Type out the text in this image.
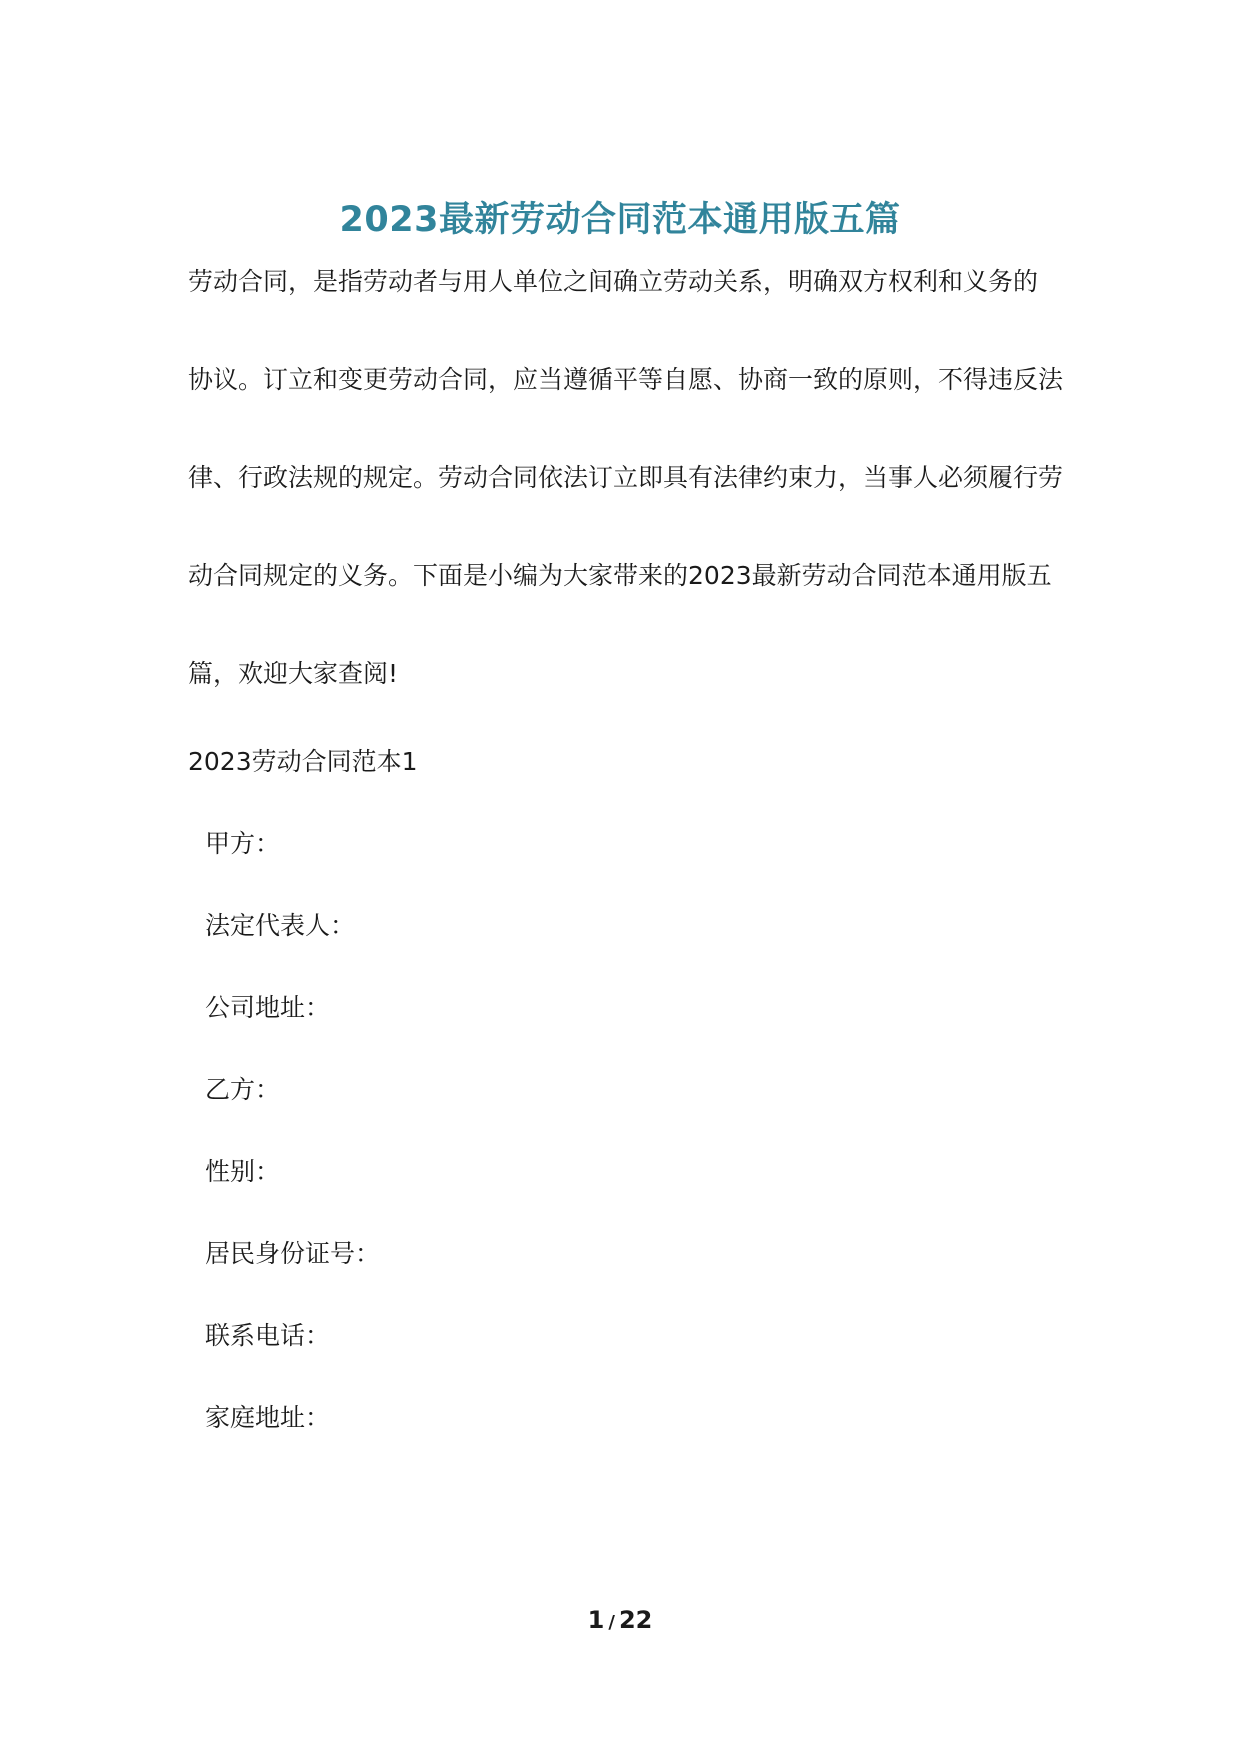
2023最新劳动合同范本通用版五篇
劳动合同，是指劳动者与用人单位之间确立劳动关系，明确双方权利和义务的
协议。订立和变更劳动合同，应当遵循平等自愿、协商一致的原则，不得违反法
律、行政法规的规定。劳动合同依法订立即具有法律约束力，当事人必须履行劳
动合同规定的义务。下面是小编为大家带来的2023最新劳动合同范本通用版五
篇，欢迎大家查阅!
2023劳动合同范本1
甲方：
法定代表人：
公司地址：
乙方：
性别：
居民身份证号：
联系电话：
家庭地址：
1 / 22
